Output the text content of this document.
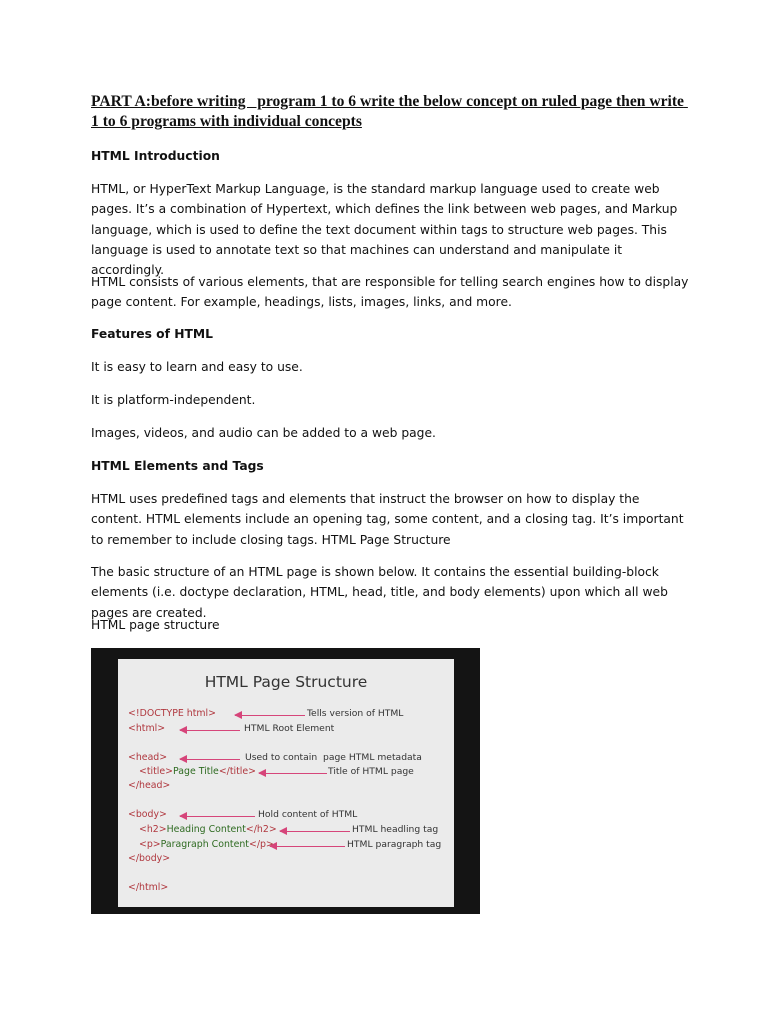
PART A:before writing   program 1 to 6 write the below concept on ruled page then write 1 to 6 programs with individual concepts

HTML Introduction

HTML, or HyperText Markup Language, is the standard markup language used to create web pages. It’s a combination of Hypertext, which defines the link between web pages, and Markup language, which is used to define the text document within tags to structure web pages. This language is used to annotate text so that machines can understand and manipulate it accordingly.

HTML consists of various elements, that are responsible for telling search engines how to display page content. For example, headings, lists, images, links, and more.

Features of HTML

It is easy to learn and easy to use.

It is platform-independent.

Images, videos, and audio can be added to a web page.

HTML Elements and Tags

HTML uses predefined tags and elements that instruct the browser on how to display the content. HTML elements include an opening tag, some content, and a closing tag. It’s important to remember to include closing tags. HTML Page Structure

The basic structure of an HTML page is shown below. It contains the essential building-block elements (i.e. doctype declaration, HTML, head, title, and body elements) upon which all web pages are created.

HTML page structure

HTML Page Structure

<!DOCTYPE html>

<html>

<head>

<title>Page Title</title>

</head>

<body>

<h2>Heading Content</h2>

<p>Paragraph Content</p>

</body>

</html>

Tells version of HTML

HTML Root Element

Used to contain  page HTML metadata

Title of HTML page

Hold content of HTML

HTML headling tag

HTML paragraph tag
